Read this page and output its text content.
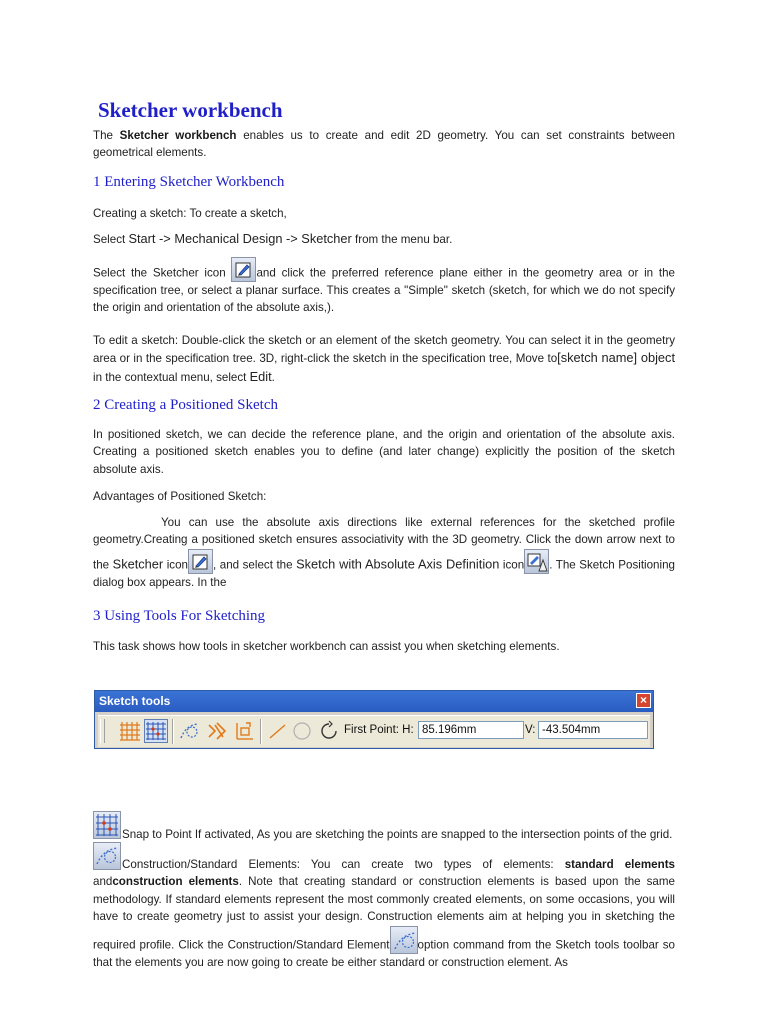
Sketcher workbench

The Sketcher workbench enables us to create and edit 2D geometry. You can set constraints between geometrical elements.

1 Entering Sketcher Workbench

Creating a sketch: To create a sketch,

Select Start -> Mechanical Design -> Sketcher from the menu bar.

Select the Sketcher icon
and click the preferred reference plane either in the geometry area or in the specification tree, or select a planar surface. This creates a "Simple" sketch (sketch, for which we do not specify the origin and orientation of the absolute axis,).

To edit a sketch: Double-click the sketch or an element of the sketch geometry. You can select it in the geometry area or in the specification tree. 3D, right-click the sketch in the specification tree, Move to[sketch name] object in the contextual menu, select Edit.

2 Creating a Positioned Sketch

In positioned sketch, we can decide the reference plane, and the origin and orientation of the absolute axis. Creating a positioned sketch enables you to define (and later change) explicitly the position of the sketch absolute axis.

Advantages of Positioned Sketch:

You can use the absolute axis directions like external references for the sketched profile geometry.Creating a positioned sketch ensures associativity with the 3D geometry. Click the down arrow next to the Sketcher icon , and select the Sketch with Absolute Axis Definition icon . The Sketch Positioning dialog box appears. In the

3 Using Tools For Sketching

This task shows how tools in sketcher workbench can assist you when sketching elements.

Sketch tools	×
First Point: H: 85.196mm	V: -43.504mm

Snap to Point If activated, As you are sketching the points are snapped to the intersection points of the grid.

Construction/Standard Elements: You can create two types of elements: standard elements andconstruction elements. Note that creating standard or construction elements is based upon the same methodology. If standard elements represent the most commonly created elements, on some occasions, you will have to create geometry just to assist your design. Construction elements aim at helping you in sketching the required profile. Click the Construction/Standard Element option command from the Sketch tools toolbar so that the elements you are now going to create be either standard or construction element. As
